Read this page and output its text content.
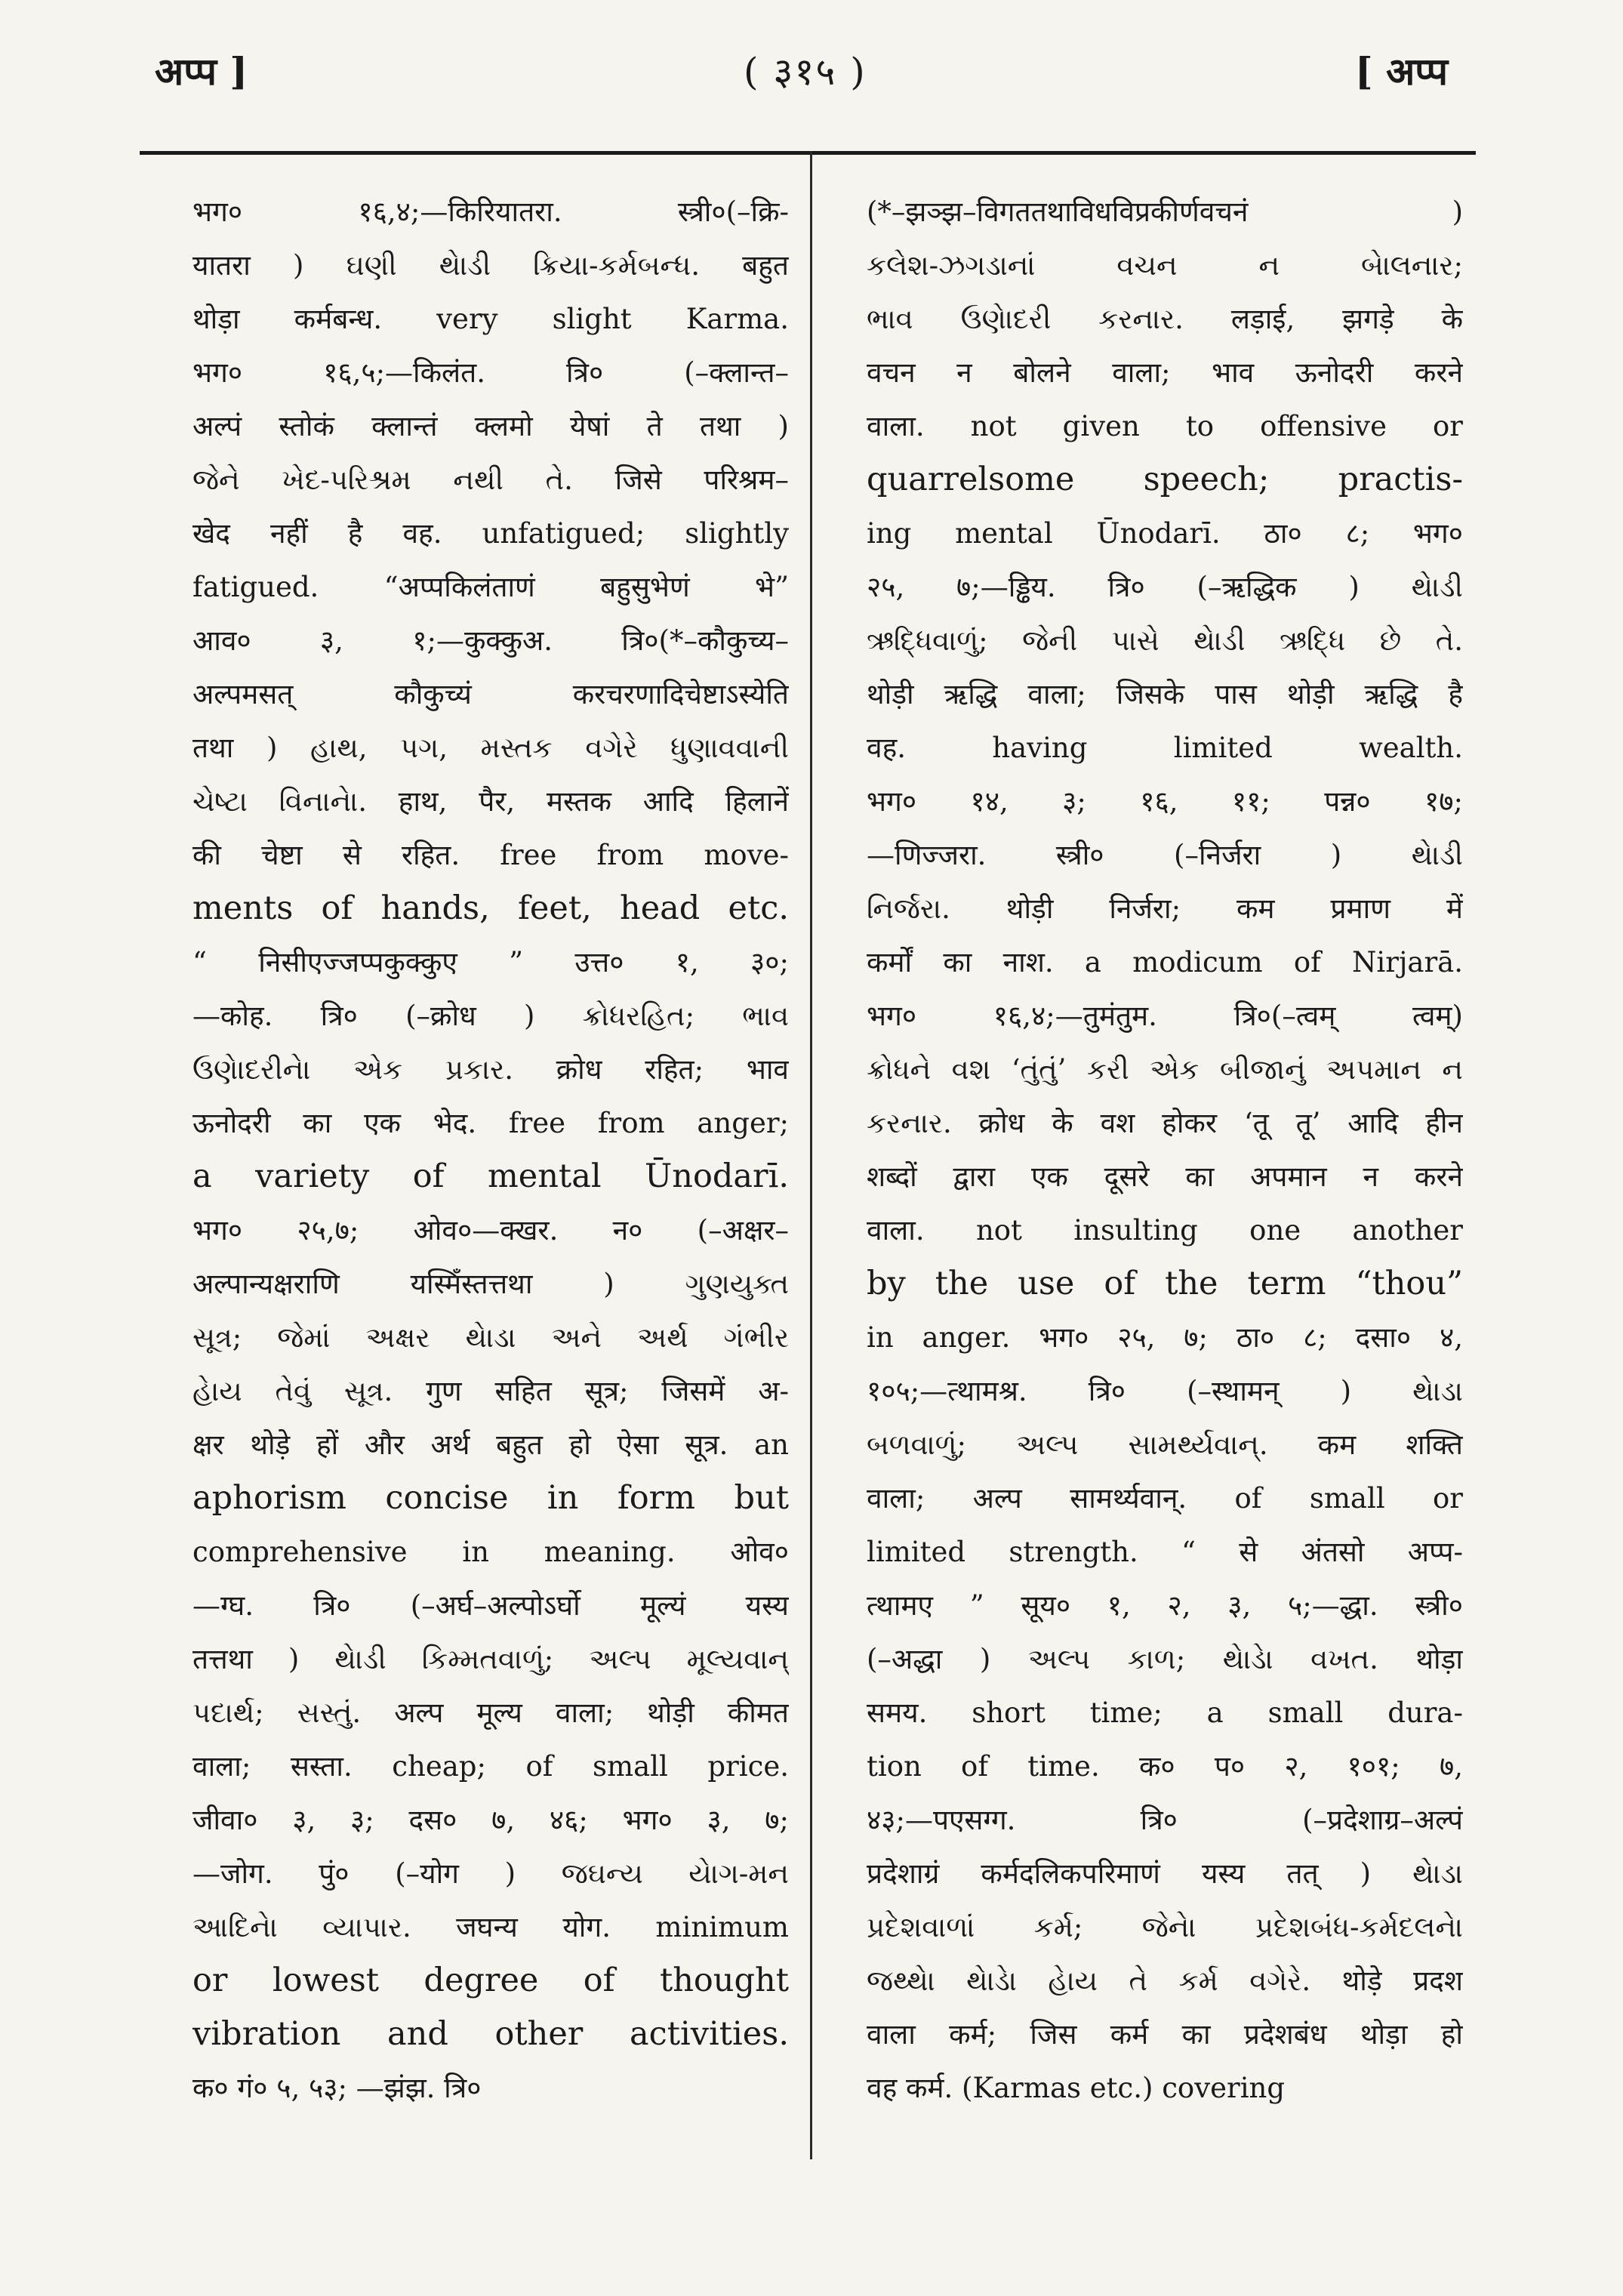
अप्प ]	( ३१५ )	[ अप्प
भग० १६,४;—किरियातरा. स्त्री०(–क्रि-
यातरा ) ઘણી થેાડી ક્રિયા-કર્મબન્ધ. बहुत
थोड़ा कर्मबन्ध. very slight Karma.
भग० १६,५;—किलंत. त्रि० (–क्लान्त–
अल्पं स्तोकं क्लान्तं क्लमो येषां ते तथा )
જેને ખેદ-પરિશ્રમ નથી તે. जिसे परिश्रम–
खेद नहीं है वह. unfatigued; slightly
fatigued. “अप्पकिलंताणं बहुसुभेणं भे”
आव० ३, १;—कुक्कुअ. त्रि०(*–कौकुच्य–
अल्पमसत् कौकुच्यं करचरणादिचेष्टाऽस्येति
तथा ) હાથ, પગ, મસ્તક વગેરે ધુણાવવાની
ચેષ્ટા વિનાનેા. हाथ, पैर, मस्तक आदि हिलानें
की चेष्टा से रहित. free from move-
ments of hands, feet, head etc.
“ निसीएज्जप्पकुक्कुए ” उत्त० १, ३०;
—कोह. त्रि० (–क्रोध ) ક્રોધરહિત; ભાવ
ઉણેાદરીનેા એક પ્રકાર. क्रोध रहित; भाव
ऊनोदरी का एक भेद. free from anger;
a variety of mental Ūnodarī.
भग० २५,७; ओव०—क्खर. न० (–अक्षर–
अल्पान्यक्षराणि यस्मिँस्तत्तथा ) ગુણયુક્ત
સૂત્ર; જેમાં અક્ષર થેાડા અને અર્થ ગંભીર
હેાય તેવું સૂત્ર. गुण सहित सूत्र; जिसमें अ-
क्षर थोड़े हों और अर्थ बहुत हो ऐसा सूत्र. an
aphorism concise in form but
comprehensive in meaning. ओव०
—ग्घ. त्रि० (–अर्घ–अल्पोऽर्घो मूल्यं यस्य
तत्तथा ) થેાડી કિમ્મતવાળું; અલ્પ મૂલ્યવાન્
પદાર્થ; સસ્તું. अल्प मूल्य वाला; थोड़ी कीमत
वाला; सस्ता. cheap; of small price.
जीवा० ३, ३; दस० ७, ४६; भग० ३, ७;
—जोग. पुं० (–योग ) જઘન્ય યેાગ-મન
આદિનેા વ્યાપાર. जघन्य योग. minimum
or lowest degree of thought
vibration and other activities.
क० गं० ५, ५३; —झंझ. त्रि०
(*–झञ्झ–विगततथाविधविप्रकीर्णवचनं )
કલેશ-ઝગડાનાં વચન ન બેાલનાર;
ભાવ ઉણેાદરી કરનાર. लड़ाई, झगड़े के
वचन न बोलने वाला; भाव ऊनोदरी करने
वाला. not given to offensive or
quarrelsome speech; practis-
ing mental Ūnodarī. ठा० ८; भग०
२५, ७;—ड्ढिय. त्रि० (–ऋद्धिक ) થેાડી
ઋદ્ધિવાળું; જેની પાસે થેાડી ઋદ્ધિ છે તે.
थोड़ी ऋद्धि वाला; जिसके पास थोड़ी ऋद्धि है
वह. having limited wealth.
भग० १४, ३; १६, ११; पन्न० १७;
—णिज्जरा. स्त्री० (–निर्जरा ) થેાડી
નિર્જરા. थोड़ी निर्जरा; कम प्रमाण में
कर्मों का नाश. a modicum of Nirjarā.
भग० १६,४;—तुमंतुम. त्रि०(–त्वम् त्वम्)
ક્રોધને વશ ‘તુંતું’ કરી એક બીજાનું અપમાન ન
કરનાર. क्रोध के वश होकर ‘तू तू’ आदि हीन
शब्दों द्वारा एक दूसरे का अपमान न करने
वाला. not insulting one another
by the use of the term “thou”
in anger. भग० २५, ७; ठा० ८; दसा० ४,
१०५;—त्थामश्र. त्रि० (–स्थामन् ) થેાડા
બળવાળું; અલ્પ સામર્થ્યવાન્. कम शक्ति
वाला; अल्प सामर्थ्यवान्. of small or
limited strength. “ से अंतसो अप्प-
त्थामए ” सूय० १, २, ३, ५;—द्धा. स्त्री०
(–अद्धा ) અલ્પ કાળ; થેાડેા વખત. थोड़ा
समय. short time; a small dura-
tion of time. क० प० २, १०१; ७,
४३;—पएसग्ग. त्रि० (–प्रदेशाग्र–अल्पं
प्रदेशाग्रं कर्मदलिकपरिमाणं यस्य तत् ) થેાડા
પ્રદેશવાળાં કર્મ; જેનેા પ્રદેશબંધ-કર્મદલનેા
જથ્થેા થેાડેા હેાય તે કર્મ વગેરે. थोड़े प्रदश
वाला कर्म; जिस कर्म का प्रदेशबंध थोड़ा हो
वह कर्म. (Karmas etc.) covering
